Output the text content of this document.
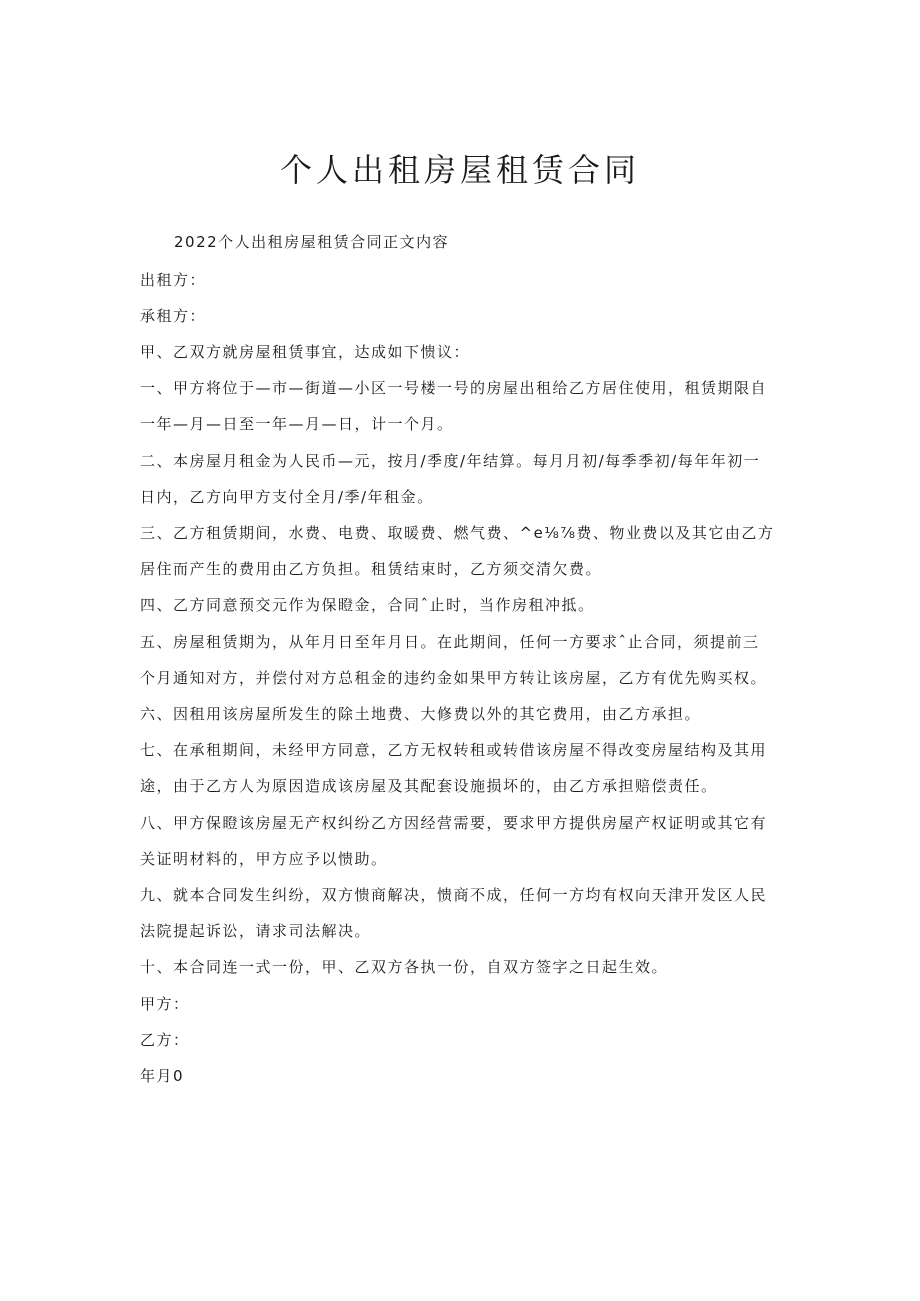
个人出租房屋租赁合同
2022个人出租房屋租赁合同正文内容
出租方：
承租方：
甲、乙双方就房屋租赁事宜，达成如下愦议：
一、甲方将位于—市—街道—小区一号楼一号的房屋出租给乙方居住使用，租赁期限自
一年—月—日至一年—月—日，计一个月。
二、本房屋月租金为人民币—元，按月/季度/年结算。每月月初/每季季初/每年年初一
日内，乙方向甲方支付全月/季/年租金。
三、乙方租赁期间，水费、电费、取暖费、燃气费、^e⅛⅞费、物业费以及其它由乙方
居住而产生的费用由乙方负担。租赁结束时，乙方须交清欠费。
四、乙方同意预交元作为保瞪金，合同ˆ止时，当作房租冲抵。
五、房屋租赁期为，从年月日至年月日。在此期间，任何一方要求ˆ止合同，须提前三
个月通知对方，并偿付对方总租金的违约金如果甲方转让该房屋，乙方有优先购买权。
六、因租用该房屋所发生的除土地费、大修费以外的其它费用，由乙方承担。
七、在承租期间，未经甲方同意，乙方无权转租或转借该房屋不得改变房屋结构及其用
途，由于乙方人为原因造成该房屋及其配套设施损坏的，由乙方承担赔偿责任。
八、甲方保瞪该房屋无产权纠纷乙方因经营需要，要求甲方提供房屋产权证明或其它有
关证明材料的，甲方应予以愦助。
九、就本合同发生纠纷，双方愦商解决，愦商不成，任何一方均有权向天津开发区人民
法院提起诉讼，请求司法解决。
十、本合同连一式一份，甲、乙双方各执一份，自双方签字之日起生效。
甲方：
乙方：
年月0
